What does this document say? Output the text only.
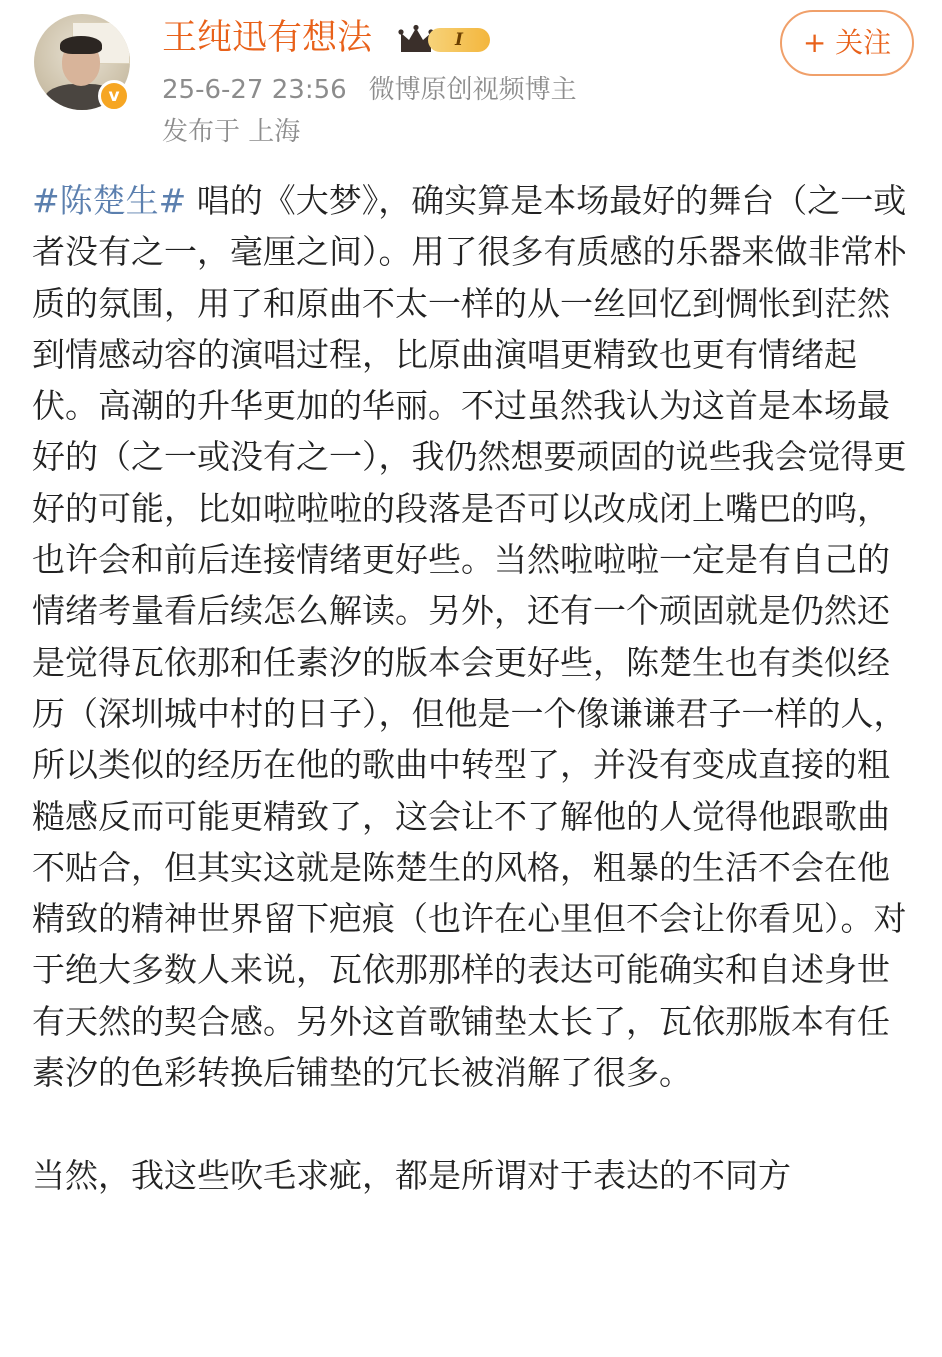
v
王纯迅有想法	I
25-6-27 23:56 微博原创视频博主
发布于 上海
+ 关注
#陈楚生# 唱的《大梦》，确实算是本场最好的舞台（之一或者没有之一，毫厘之间）。用了很多有质感的乐器来做非常朴质的氛围，用了和原曲不太一样的从一丝回忆到惆怅到茫然到情感动容的演唱过程，比原曲演唱更精致也更有情绪起伏。高潮的升华更加的华丽。不过虽然我认为这首是本场最好的（之一或没有之一），我仍然想要顽固的说些我会觉得更好的可能，比如啦啦啦的段落是否可以改成闭上嘴巴的呜，也许会和前后连接情绪更好些。当然啦啦啦一定是有自己的情绪考量看后续怎么解读。另外，还有一个顽固就是仍然还是觉得瓦依那和任素汐的版本会更好些，陈楚生也有类似经历（深圳城中村的日子），但他是一个像谦谦君子一样的人，所以类似的经历在他的歌曲中转型了，并没有变成直接的粗糙感反而可能更精致了，这会让不了解他的人觉得他跟歌曲不贴合，但其实这就是陈楚生的风格，粗暴的生活不会在他精致的精神世界留下疤痕（也许在心里但不会让你看见）。对于绝大多数人来说，瓦依那那样的表达可能确实和自述身世有天然的契合感。另外这首歌铺垫太长了，瓦依那版本有任素汐的色彩转换后铺垫的冗长被消解了很多。
当然，我这些吹毛求疵，都是所谓对于表达的不同方
